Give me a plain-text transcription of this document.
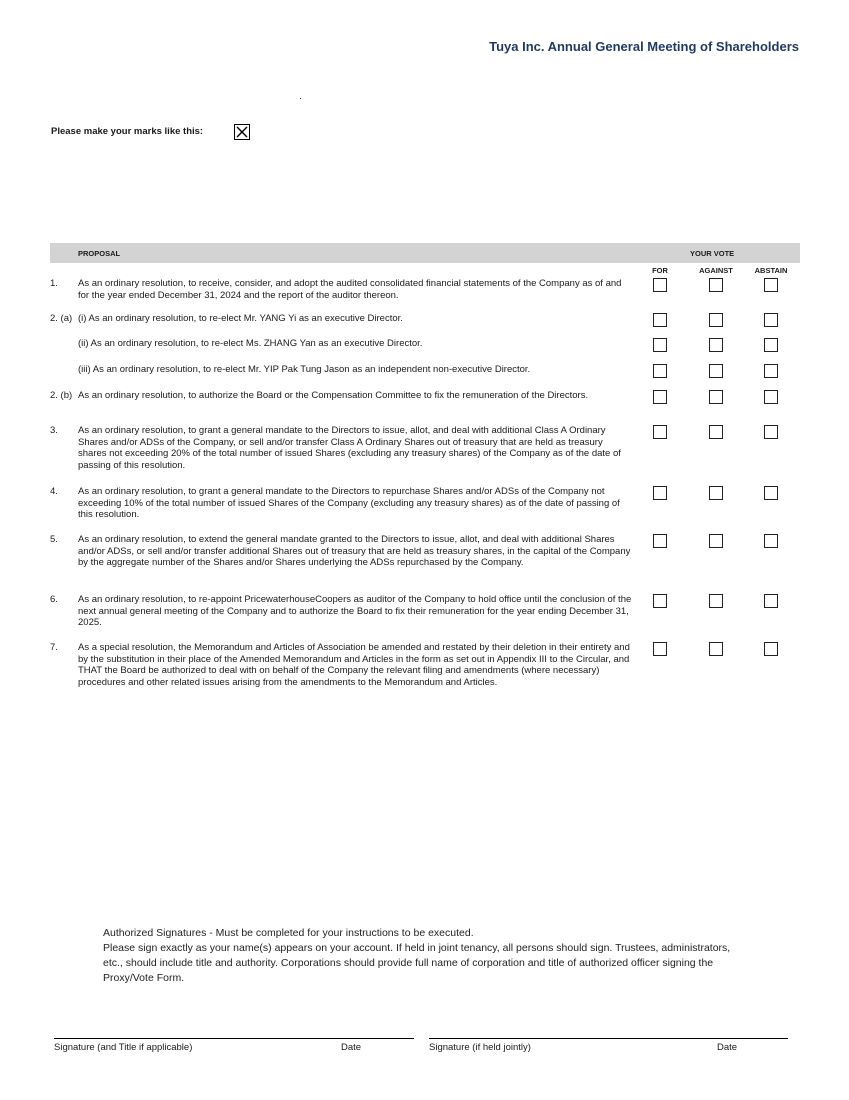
Tuya Inc. Annual General Meeting of Shareholders
Please make your marks like this:
PROPOSAL	YOUR VOTE
FOR	AGAINST	ABSTAIN
1. As an ordinary resolution, to receive, consider, and adopt the audited consolidated financial statements of the Company as of and for the year ended December 31, 2024 and the report of the auditor thereon.
2. (a) (i) As an ordinary resolution, to re-elect Mr. YANG Yi as an executive Director.
(ii) As an ordinary resolution, to re-elect Ms. ZHANG Yan as an executive Director.
(iii) As an ordinary resolution, to re-elect Mr. YIP Pak Tung Jason as an independent non-executive Director.
2. (b) As an ordinary resolution, to authorize the Board or the Compensation Committee to fix the remuneration of the Directors.
3. As an ordinary resolution, to grant a general mandate to the Directors to issue, allot, and deal with additional Class A Ordinary Shares and/or ADSs of the Company, or sell and/or transfer Class A Ordinary Shares out of treasury that are held as treasury shares not exceeding 20% of the total number of issued Shares (excluding any treasury shares) of the Company as of the date of passing of this resolution.
4. As an ordinary resolution, to grant a general mandate to the Directors to repurchase Shares and/or ADSs of the Company not exceeding 10% of the total number of issued Shares of the Company (excluding any treasury shares) as of the date of passing of this resolution.
5. As an ordinary resolution, to extend the general mandate granted to the Directors to issue, allot, and deal with additional Shares and/or ADSs, or sell and/or transfer additional Shares out of treasury that are held as treasury shares, in the capital of the Company by the aggregate number of the Shares and/or Shares underlying the ADSs repurchased by the Company.
6. As an ordinary resolution, to re-appoint PricewaterhouseCoopers as auditor of the Company to hold office until the conclusion of the next annual general meeting of the Company and to authorize the Board to fix their remuneration for the year ending December 31, 2025.
7. As a special resolution, the Memorandum and Articles of Association be amended and restated by their deletion in their entirety and by the substitution in their place of the Amended Memorandum and Articles in the form as set out in Appendix III to the Circular, and THAT the Board be authorized to deal with on behalf of the Company the relevant filing and amendments (where necessary) procedures and other related issues arising from the amendments to the Memorandum and Articles.
Authorized Signatures - Must be completed for your instructions to be executed.
Please sign exactly as your name(s) appears on your account. If held in joint tenancy, all persons should sign. Trustees, administrators, etc., should include title and authority. Corporations should provide full name of corporation and title of authorized officer signing the Proxy/Vote Form.
Signature (and Title if applicable)	Date	Signature (if held jointly)	Date
